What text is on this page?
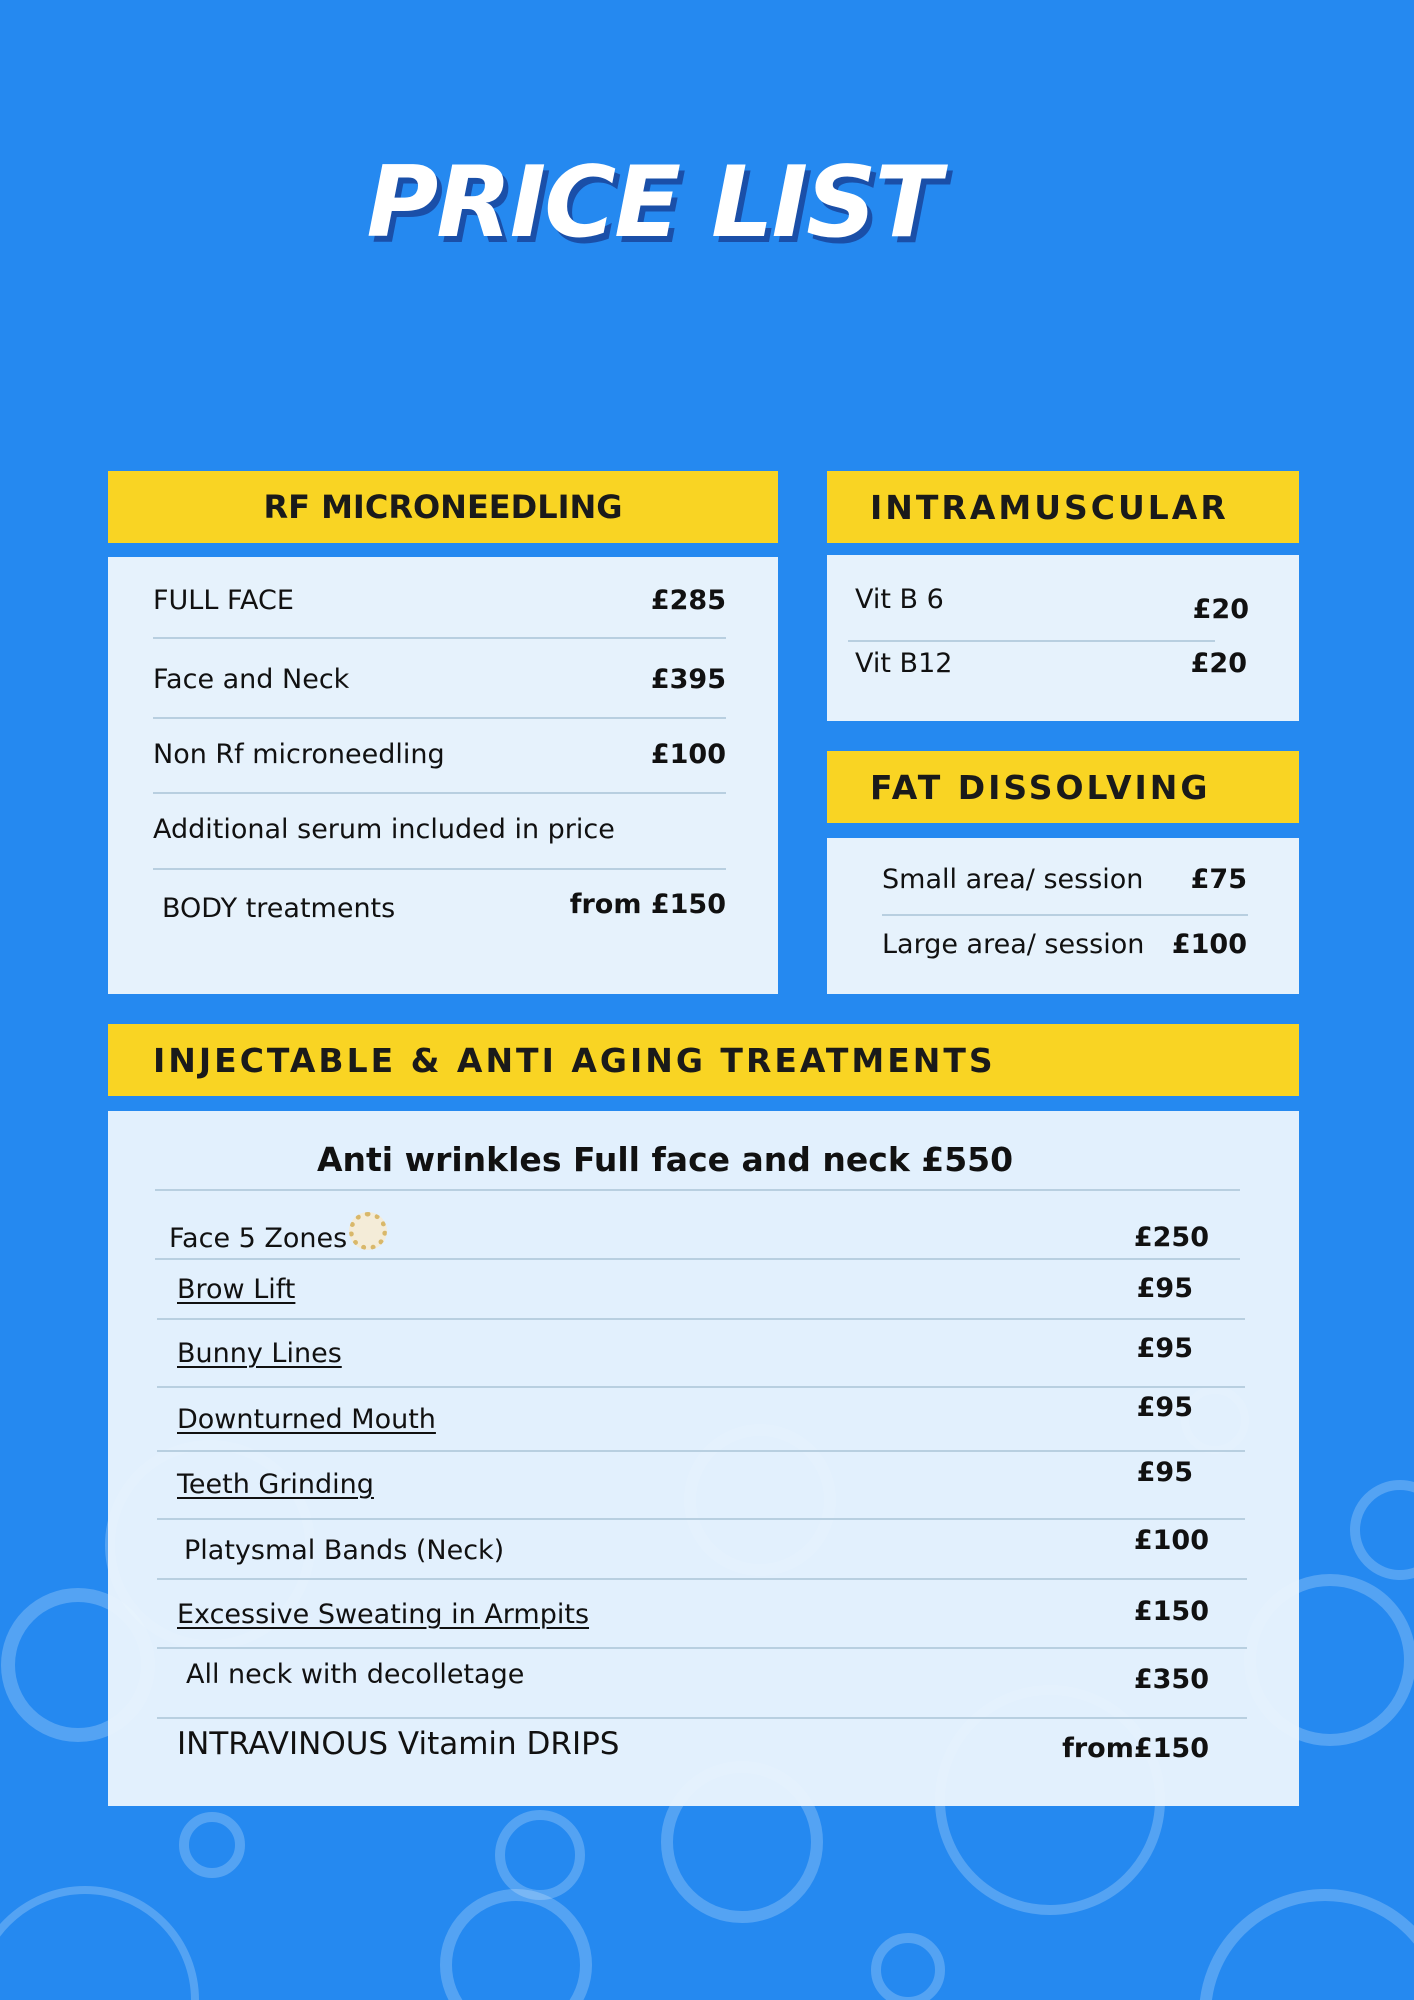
PRICE LIST
RF MICRONEEDLING
FULL FACE	£285
Face and Neck	£395
Non Rf microneedling	£100
Additional serum included in price
BODY treatments	from £150
INTRAMUSCULAR
Vit B 6	£20
Vit B12	£20
FAT DISSOLVING
Small area/ session £75
Large area/ session £100
INJECTABLE & ANTI AGING TREATMENTS
Anti wrinkles Full face and neck £550
Face 5 Zones	£250
Brow Lift	£95
Bunny Lines	£95
Downturned Mouth	£95
Teeth Grinding	£95
Platysmal Bands (Neck)	£100
Excessive Sweating in Armpits	£150
All neck with decolletage	£350
INTRAVINOUS Vitamin DRIPS	from£150
